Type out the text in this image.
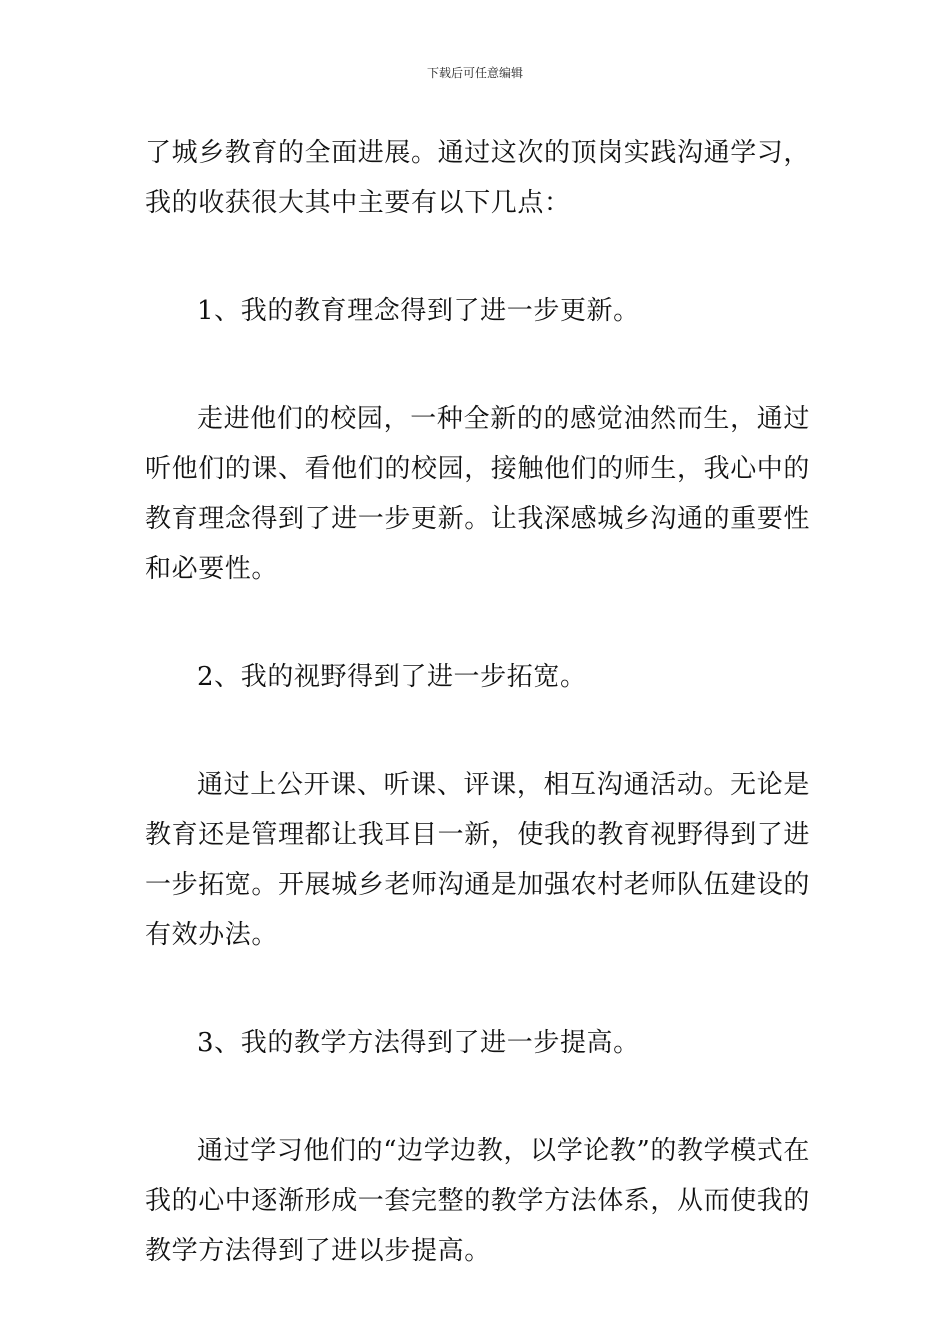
下载后可任意编辑

了城乡教育的全面进展。通过这次的顶岗实践沟通学习，我的收获很大其中主要有以下几点：

1、我的教育理念得到了进一步更新。

走进他们的校园，一种全新的的感觉油然而生，通过听他们的课、看他们的校园，接触他们的师生，我心中的教育理念得到了进一步更新。让我深感城乡沟通的重要性和必要性。

2、我的视野得到了进一步拓宽。

通过上公开课、听课、评课，相互沟通活动。无论是教育还是管理都让我耳目一新，使我的教育视野得到了进一步拓宽。开展城乡老师沟通是加强农村老师队伍建设的有效办法。

3、我的教学方法得到了进一步提高。

通过学习他们的“边学边教，以学论教”的教学模式在我的心中逐渐形成一套完整的教学方法体系，从而使我的教学方法得到了进以步提高。
